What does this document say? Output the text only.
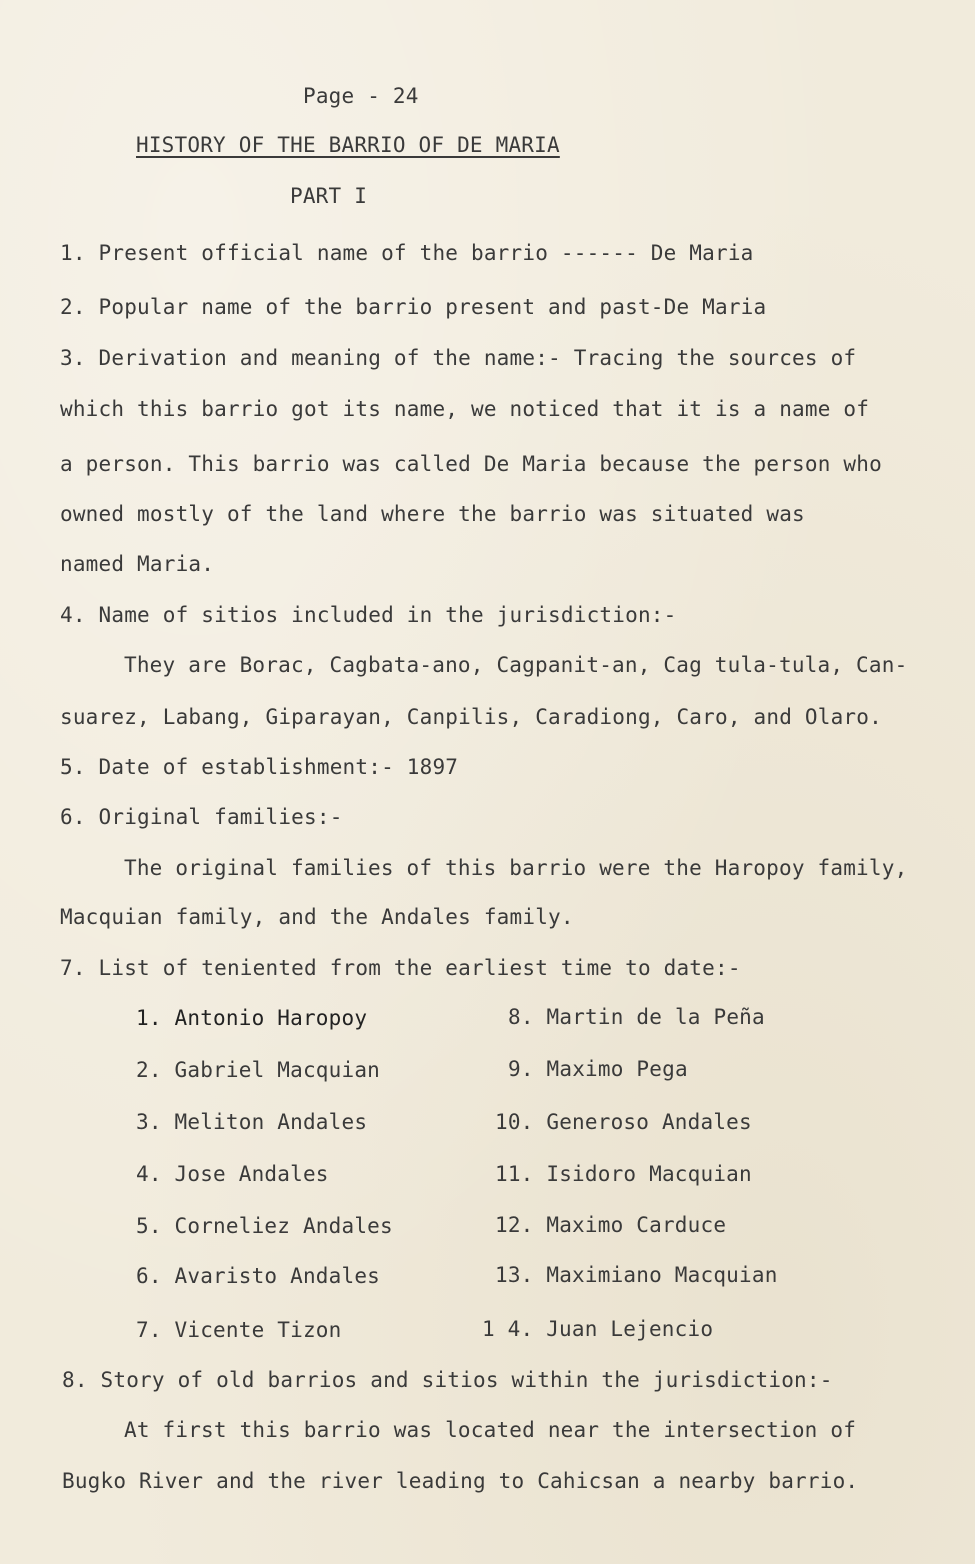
Page - 24
HISTORY OF THE BARRIO OF DE MARIA
PART I
1. Present official name of the barrio ------ De Maria
2. Popular name of the barrio present and past-De Maria
3. Derivation and meaning of the name:- Tracing the sources of
which this barrio got its name, we noticed that it is a name of
a person. This barrio was called De Maria because the person who
owned mostly of the land where the barrio was situated was
named Maria.
4. Name of sitios included in the jurisdiction:-
They are Borac, Cagbata-ano, Cagpanit-an, Cag tula-tula, Can-
suarez, Labang, Giparayan, Canpilis, Caradiong, Caro, and Olaro.
5. Date of establishment:- 1897
6. Original families:-
The original families of this barrio were the Haropoy family,
Macquian family, and the Andales family.
7. List of teniented from the earliest time to date:-
1. Antonio Haropoy
2. Gabriel Macquian
3. Meliton Andales
4. Jose Andales
5. Corneliez Andales
6. Avaristo Andales
7. Vicente Tizon
8. Martin de la Peña
9. Maximo Pega
10. Generoso Andales
11. Isidoro Macquian
12. Maximo Carduce
13. Maximiano Macquian
1 4. Juan Lejencio
8. Story of old barrios and sitios within the jurisdiction:-
At first this barrio was located near the intersection of
Bugko River and the river leading to Cahicsan a nearby barrio.
